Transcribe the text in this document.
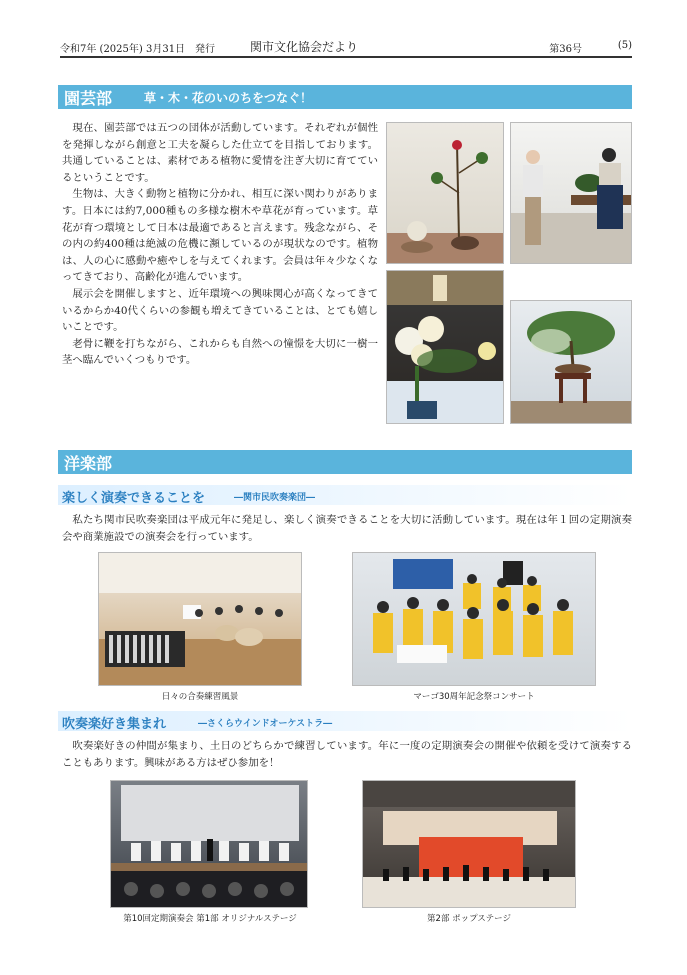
令和7年 (2025年) 3月31日　発行	関市文化協会だより	第36号	(5)
園芸部	草・木・花のいのちをつなぐ！

現在、園芸部では五つの団体が活動しています。それぞれが個性を発揮しながら創意と工夫を凝らした仕立てを目指しております。共通していることは、素材である植物に愛情を注ぎ大切に育てているということです。

生物は、大きく動物と植物に分かれ、相互に深い関わりがあります。日本には約7,000種もの多様な樹木や草花が育っています。草花が育つ環境として日本は最適であると言えます。残念ながら、その内の約400種は絶滅の危機に瀕しているのが現状なのです。植物は、人の心に感動や癒やしを与えてくれます。会員は年々少なくなってきており、高齢化が進んでいます。

展示会を開催しますと、近年環境への興味関心が高くなってきているからか40代くらいの参観も増えてきていることは、とても嬉しいことです。

老骨に鞭を打ちながら、これからも自然への憧憬を大切に一樹一茎へ臨んでいくつもりです。

洋楽部
楽しく演奏できることを	―関市民吹奏楽団―

私たち関市民吹奏楽団は平成元年に発足し、楽しく演奏できることを大切に活動しています。現在は年１回の定期演奏会や商業施設での演奏会を行っています。

日々の合奏練習風景	マーゴ30周年記念祭コンサート
吹奏楽好き集まれ	―さくらウインドオーケストラ―

吹奏楽好きの仲間が集まり、土日のどちらかで練習しています。年に一度の定期演奏会の開催や依頼を受けて演奏することもあります。興味がある方はぜひ参加を！

第10回定期演奏会 第1部 オリジナルステージ	第2部 ポップステージ
